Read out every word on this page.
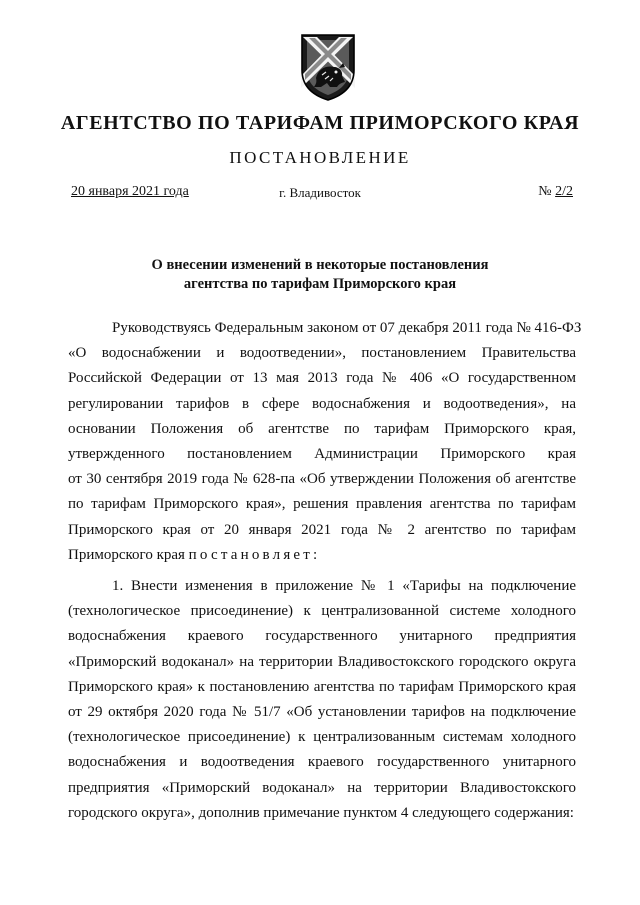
АГЕНТСТВО ПО ТАРИФАМ ПРИМОРСКОГО КРАЯ
ПОСТАНОВЛЕНИЕ
20 января 2021 года	г. Владивосток	№ 2/2
О внесении изменений в некоторые постановления
агентства по тарифам Приморского края
Руководствуясь Федеральным законом от 07 декабря 2011 года № 416-ФЗ
«О водоснабжении и водоотведении», постановлением Правительства
Российской Федерации от 13 мая 2013 года № 406 «О государственном
регулировании тарифов в сфере водоснабжения и водоотведения», на
основании Положения об агентстве по тарифам Приморского края,
утвержденного постановлением Администрации Приморского края
от 30 сентября 2019 года № 628-па «Об утверждении Положения об агентстве
по тарифам Приморского края», решения правления агентства по тарифам
Приморского края от 20 января 2021 года № 2 агентство по тарифам
Приморского края постановляет:
1. Внести изменения в приложение № 1 «Тарифы на подключение
(технологическое присоединение) к централизованной системе холодного
водоснабжения краевого государственного унитарного предприятия
«Приморский водоканал» на территории Владивостокского городского округа
Приморского края» к постановлению агентства по тарифам Приморского края
от 29 октября 2020 года № 51/7 «Об установлении тарифов на подключение
(технологическое присоединение) к централизованным системам холодного
водоснабжения и водоотведения краевого государственного унитарного
предприятия «Приморский водоканал» на территории Владивостокского
городского округа», дополнив примечание пунктом 4 следующего содержания:
